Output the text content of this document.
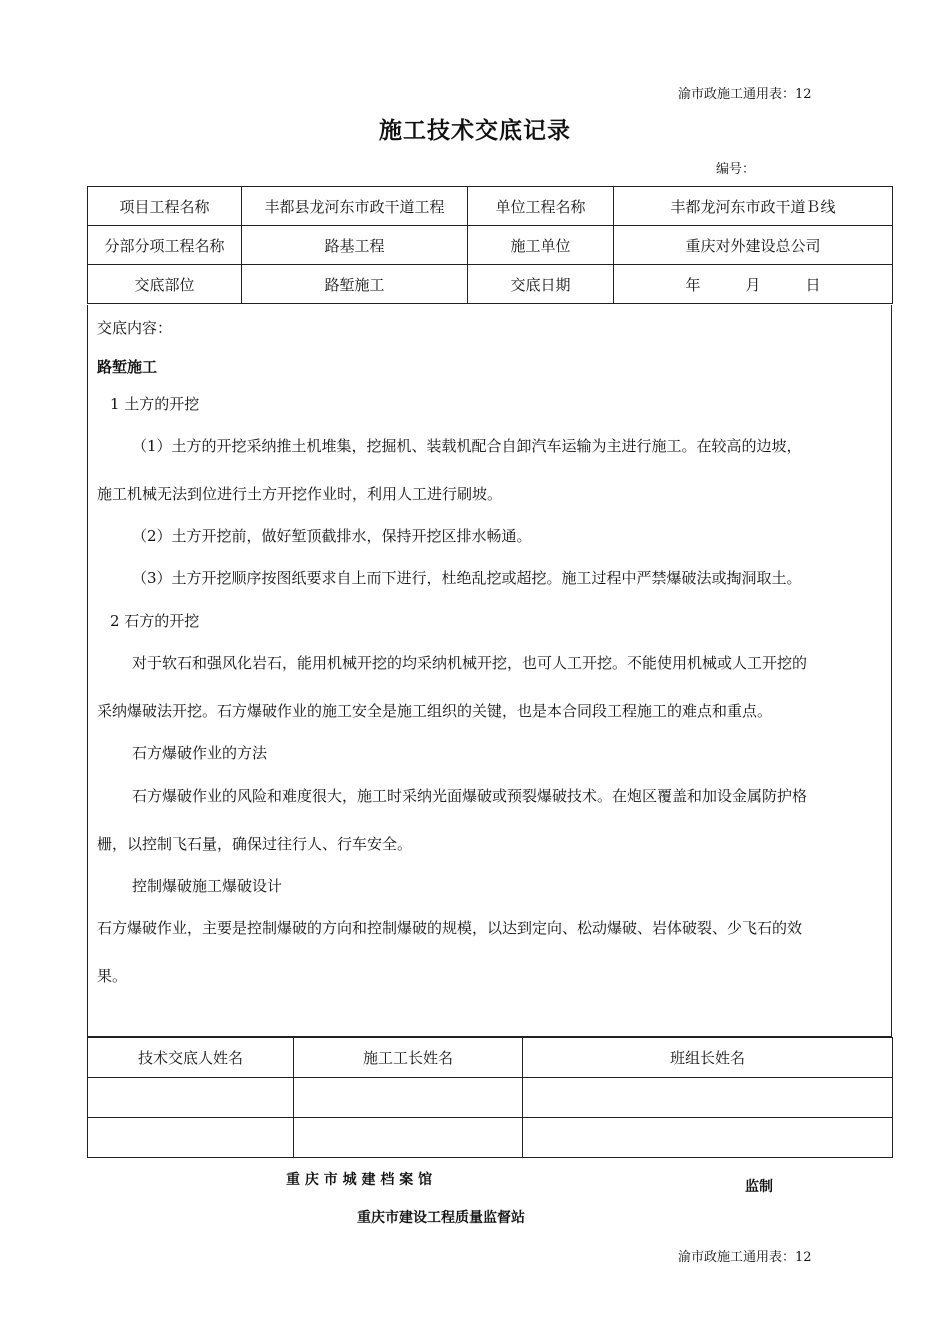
渝市政施工通用表：12
施工技术交底记录
编号：
项目工程名称	丰都县龙河东市政干道工程	单位工程名称	丰都龙河东市政干道Ｂ线
分部分项工程名称	路基工程	施工单位	重庆对外建设总公司
交底部位	路堑施工	交底日期	年　　　月　　　日
交底内容：
路堑施工
1 土方的开挖
（1）土方的开挖采纳推土机堆集，挖掘机、装载机配合自卸汽车运输为主进行施工。在较高的边坡，
施工机械无法到位进行土方开挖作业时，利用人工进行刷坡。
（2）土方开挖前，做好堑顶截排水，保持开挖区排水畅通。
（3）土方开挖顺序按图纸要求自上而下进行，杜绝乱挖或超挖。施工过程中严禁爆破法或掏洞取土。
2 石方的开挖
对于软石和强风化岩石，能用机械开挖的均采纳机械开挖，也可人工开挖。不能使用机械或人工开挖的
采纳爆破法开挖。石方爆破作业的施工安全是施工组织的关键，也是本合同段工程施工的难点和重点。
石方爆破作业的方法
石方爆破作业的风险和难度很大，施工时采纳光面爆破或预裂爆破技术。在炮区覆盖和加设金属防护格
栅，以控制飞石量，确保过往行人、行车安全。
控制爆破施工爆破设计
石方爆破作业，主要是控制爆破的方向和控制爆破的规模，以达到定向、松动爆破、岩体破裂、少飞石的效
果。
技术交底人姓名	施工工长姓名	班组长姓名

重 庆 市 城 建 档 案 馆	监制
重庆市建设工程质量监督站
渝市政施工通用表：12
